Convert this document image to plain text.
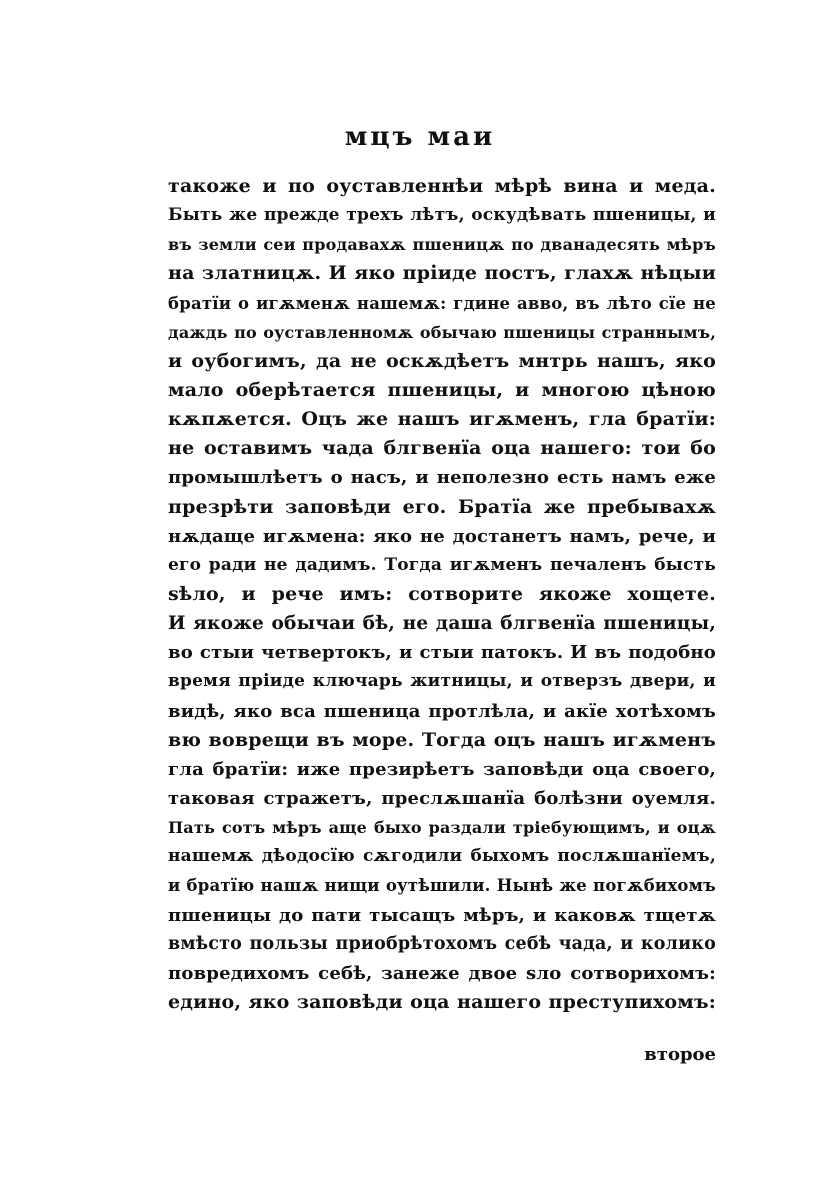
мцъ маи
такоже и по оуставленнѣи мѣрѣ вина и меда.
Быть же прежде трехъ лѣтъ, оскудѣвать пшеницы, и
въ земли сеи продавахѫ пшеницѫ по дванадесять мѣръ
на златницѫ. И яко пріиде постъ, глахѫ нѣцыи
братїи о игѫменѫ нашемѫ: гдине авво, въ лѣто сїе не
даждь по оуставленномѫ обычаю пшеницы страннымъ,
и оубогимъ, да не оскѫдѣетъ мнтрь нашъ, яко
мало оберѣтается пшеницы, и многою цѣною
кѫпѫется. Оцъ же нашъ игѫменъ, гла братїи:
не оставимъ чада блгвенїа оца нашего: тои бо
промышлѣетъ о насъ, и неполезно есть намъ еже
презрѣти заповѣди его. Братїа же пребывахѫ
нѫдаще игѫмена: яко не достанетъ намъ, рече, и
его ради не дадимъ. Тогда игѫменъ печаленъ бысть
ѕѣло, и рече имъ: сотворите якоже хощете.
И якоже обычаи бѣ, не даша блгвенїа пшеницы,
во стыи четвертокъ, и стыи патокъ. И въ подобно
время пріиде ключарь житницы, и отверзъ двери, и
видѣ, яко вса пшеница протлѣла, и акїе хотѣхомъ
вю воврещи въ море. Тогда оцъ нашъ игѫменъ
гла братїи: иже презирѣетъ заповѣди оца своего,
таковая стражетъ, преслѫшанїа болѣзни оуемля.
Пать сотъ мѣръ аще быхо раздали тріебующимъ, и оцѫ
нашемѫ дѣодосїю сѫгодили быхомъ послѫшанїемъ,
и братїю нашѫ нищи оутѣшили. Нынѣ же погѫбихомъ
пшеницы до пати тысащъ мѣръ, и каковѫ тщетѫ
вмѣсто пользы приобрѣтохомъ себѣ чада, и колико
повредихомъ себѣ, занеже двое ѕло сотворихомъ:
едино, яко заповѣди оца нашего преступихомъ:
второе
